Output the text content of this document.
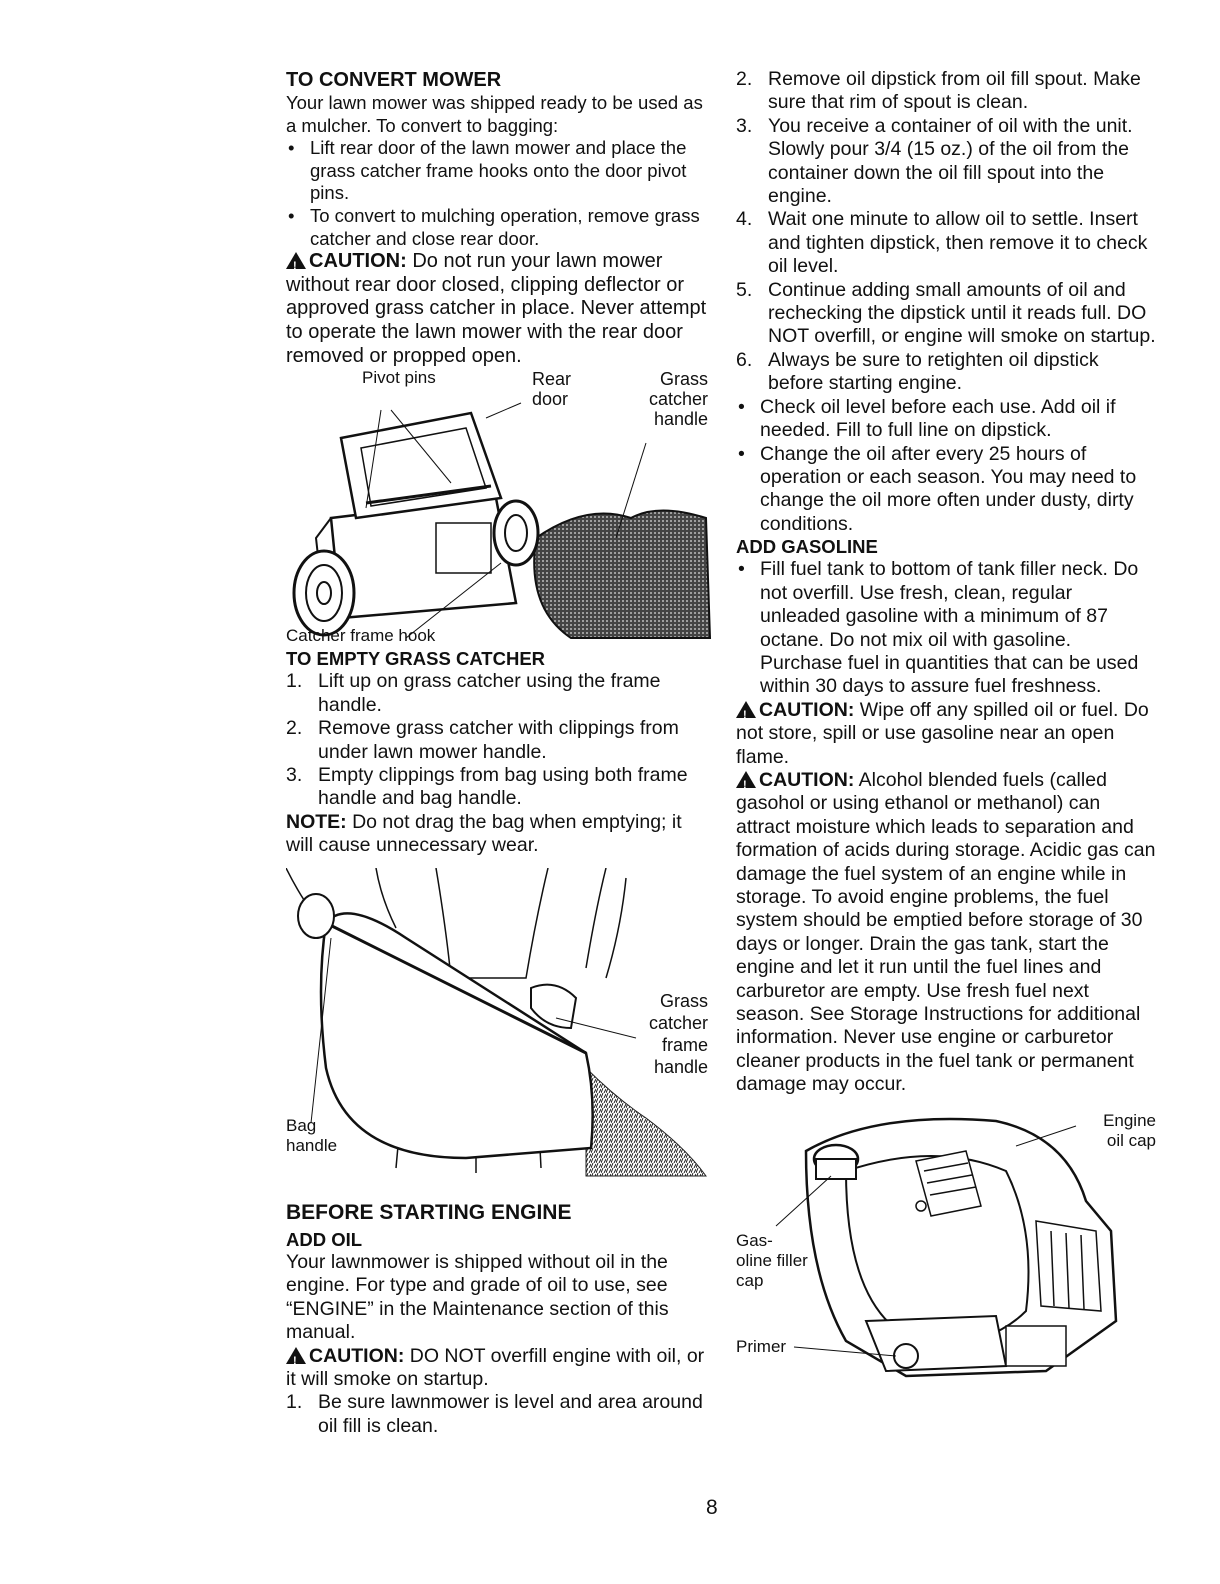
TO CONVERT MOWER

Your lawn mower was shipped ready to be used as a mulcher. To convert to bagging:

• Lift rear door of the lawn mower and place the grass catcher frame hooks onto the door pivot pins.
• To convert to mulching operation, remove grass catcher and close rear door.

!CAUTION: Do not run your lawn mower without rear door closed, clipping deflector or approved grass catcher in place. Never attempt to operate the lawn mower with the rear door removed or propped open.

Pivot pins	Rear
door
Grass
catcher
handle
Catcher frame hook
TO EMPTY GRASS CATCHER
1. Lift up on grass catcher using the frame handle.
2. Remove grass catcher with clippings from under lawn mower handle.
3. Empty clippings from bag using both frame handle and bag handle.

NOTE: Do not drag the bag when emptying; it will cause unnecessary wear.

Grass
catcher
frame
handle
Bag
handle
BEFORE STARTING ENGINE
ADD OIL

Your lawnmower is shipped without oil in the engine. For type and grade of oil to use, see “ENGINE” in the Maintenance section of this manual.

!CAUTION: DO NOT overfill engine with oil, or it will smoke on startup.

1. Be sure lawnmower is level and area around oil fill is clean.
2. Remove oil dipstick from oil fill spout. Make sure that rim of spout is clean.
3. You receive a container of oil with the unit. Slowly pour 3/4 (15 oz.) of the oil from the container down the oil fill spout into the engine.
4. Wait one minute to allow oil to settle. Insert and tighten dipstick, then remove it to check oil level.
5. Continue adding small amounts of oil and rechecking the dipstick until it reads full. DO NOT overfill, or engine will smoke on startup.
6. Always be sure to retighten oil dipstick before starting engine.
• Check oil level before each use. Add oil if needed. Fill to full line on dipstick.
• Change the oil after every 25 hours of operation or each season. You may need to change the oil more often under dusty, dirty conditions.
ADD GASOLINE
• Fill fuel tank to bottom of tank filler neck. Do not overfill. Use fresh, clean, regular unleaded gasoline with a minimum of 87 octane. Do not mix oil with gasoline. Purchase fuel in quantities that can be used within 30 days to assure fuel freshness.

!CAUTION: Wipe off any spilled oil or fuel. Do not store, spill or use gasoline near an open flame.

!CAUTION: Alcohol blended fuels (called gasohol or using ethanol or methanol) can attract moisture which leads to separation and formation of acids during storage. Acidic gas can damage the fuel system of an engine while in storage. To avoid engine problems, the fuel system should be emptied before storage of 30 days or longer. Drain the gas tank, start the engine and let it run until the fuel lines and carburetor are empty. Use fresh fuel next season. See Storage Instructions for additional information. Never use engine or carburetor cleaner products in the fuel tank or permanent damage may occur.

Engine
oil cap
Gas-
oline filler
cap
Primer
8
